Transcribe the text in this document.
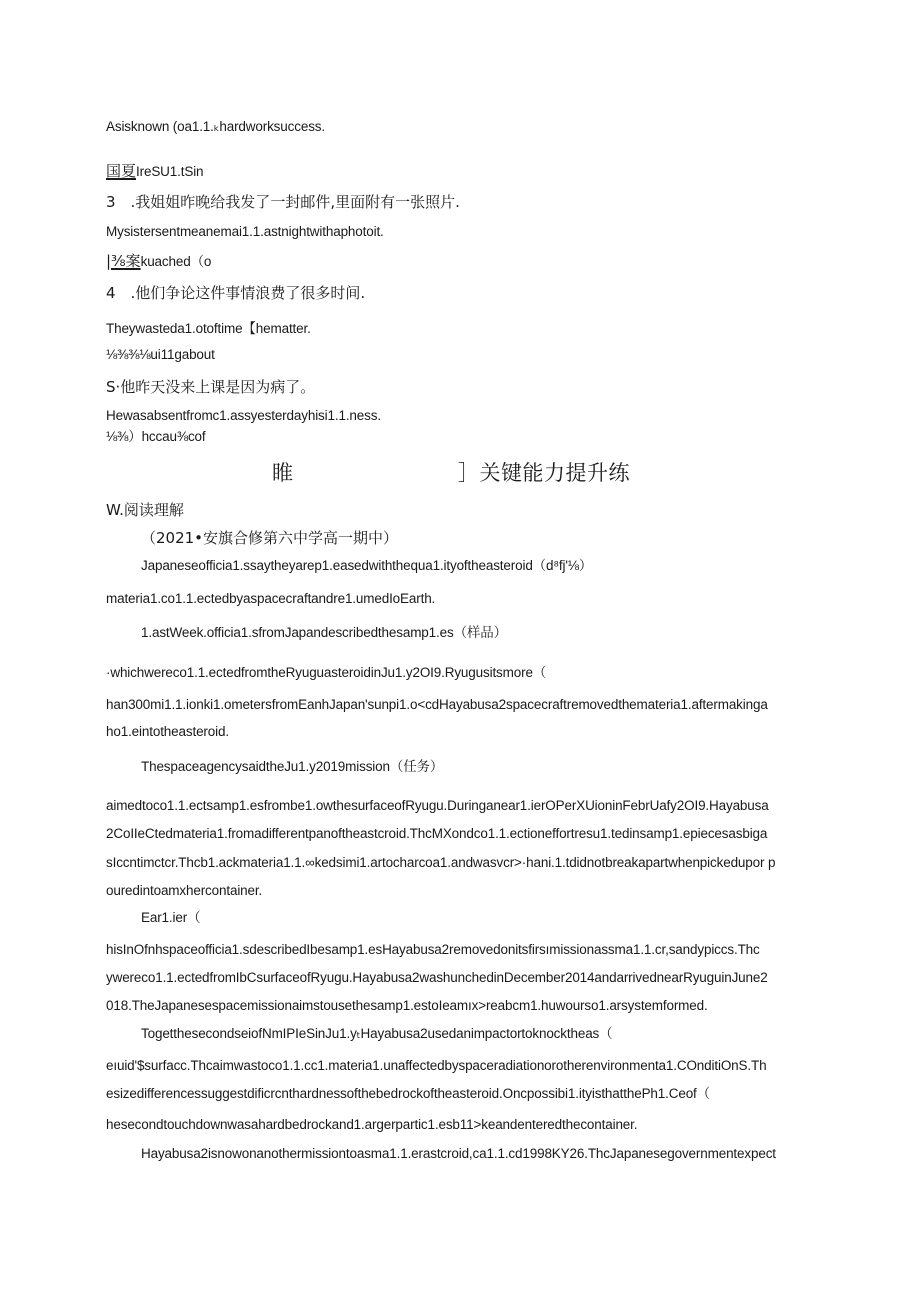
Asisknown (oa1.1.ₖhardworksuccess.
国夏IreSU1.tSin
3　.我姐姐昨晚给我发了一封邮件,里面附有一张照片.
Mysistersentmeanemai1.1.astnightwithaphotoit.
|⅜案kuached（o
4　.他们争论这件事情浪费了很多时间.
Theywasteda1.otoftime【hematter.
⅛⅜⅜⅛ui11gabout
S·他昨天没来上课是因为病了。
Hewasabsentfromc1.assyesterdayhisi1.1.ness.
⅛⅜）hccau⅜cof
睢	］关键能力提升练
W.阅读理解
（2021•安旗合修第六中学高一期中）
Japaneseofficia1.ssaytheyarep1.easedwiththequa1.ityoftheasteroid（d⁸fj'⅛）
materia1.co1.1.ectedbyaspacecraftandre1.umedIoEarth.
1.astWeek.officia1.sfromJapandescribedthesamp1.es（样品）
·whichwereco1.1.ectedfromtheRyuguasteroidinJu1.y2OI9.Ryugusitsmore（
han300mi1.1.ionki1.ometersfromEanhJapan'sunpi1.o<cdHayabusa2spacecraftremovedthemateria1.aftermakinga
ho1.eintotheasteroid.
ThespaceagencysaidtheJu1.y2019mission（任务）
aimedtoco1.1.ectsamp1.esfrombe1.owthesurfaceofRyugu.Duringanear1.ierOPerXUioninFebrUafy2OI9.Hayabusa
2CoIIeCtedmateria1.fromadifferentpanoftheastcroid.ThcMXondco1.1.ectioneffortresu1.tedinsamp1.epiecesasbiga
sIccntimctcr.Thcb1.ackmateria1.1.∞kedsimi1.artocharcoa1.andwasvcr>·hani.1.tdidnotbreakapartwhenpickedupor p
ouredintoamxhercontainer.
Ear1.ier（
hisInOfnhspaceofficia1.sdescribedIbesamp1.esHayabusa2removedonitsfirsımissionassma1.1.cr,sandypiccs.Thc
ywereco1.1.ectedfromIbCsurfaceofRyugu.Hayabusa2washunchedinDecember2014andarrivednearRyuguinJune2
018.TheJapanesespacemissionaimstousethesamp1.estoIeamıx>reabcm1.huwourso1.arsystemformed.
TogetthesecondseiofNmIPIeSinJu1.yₜHayabusa2usedanimpactortoknocktheas（
eıuid'$surfacc.Thcaimwastoco1.1.cc1.materia1.unaffectedbyspaceradiationorotherenvironmenta1.COnditiOnS.Th
esizedifferencessuggestdificrcnthardnessofthebedrockoftheasteroid.Oncpossibi1.ityisthatthePh1.Ceof（
hesecondtouchdownwasahardbedrockand1.argerpartic1.esb11>keandenteredthecontainer.
Hayabusa2isnowonanothermissiontoasma1.1.erastcroid,ca1.1.cd1998KY26.ThcJapanesegovernmentexpect
